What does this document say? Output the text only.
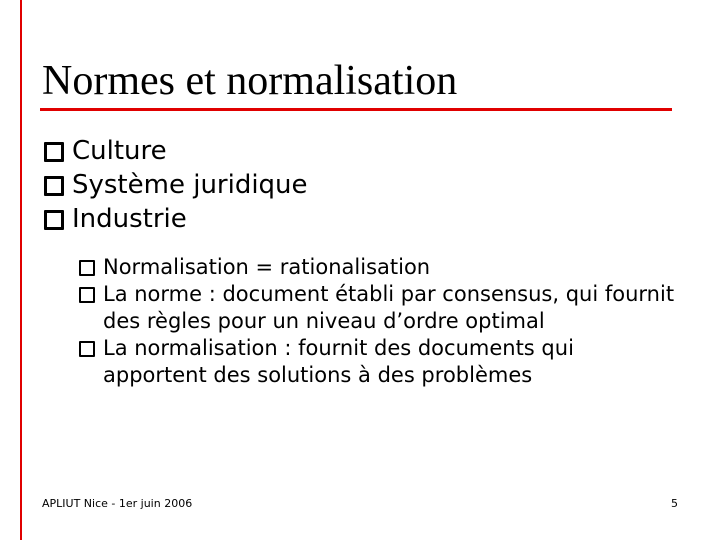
Normes et normalisation
Culture
Système juridique
Industrie
Normalisation = rationalisation
La norme : document établi par consensus, qui fournit des règles pour un niveau d’ordre optimal
La normalisation : fournit des documents qui apportent des solutions à des problèmes
APLIUT Nice - 1er juin 2006	5
